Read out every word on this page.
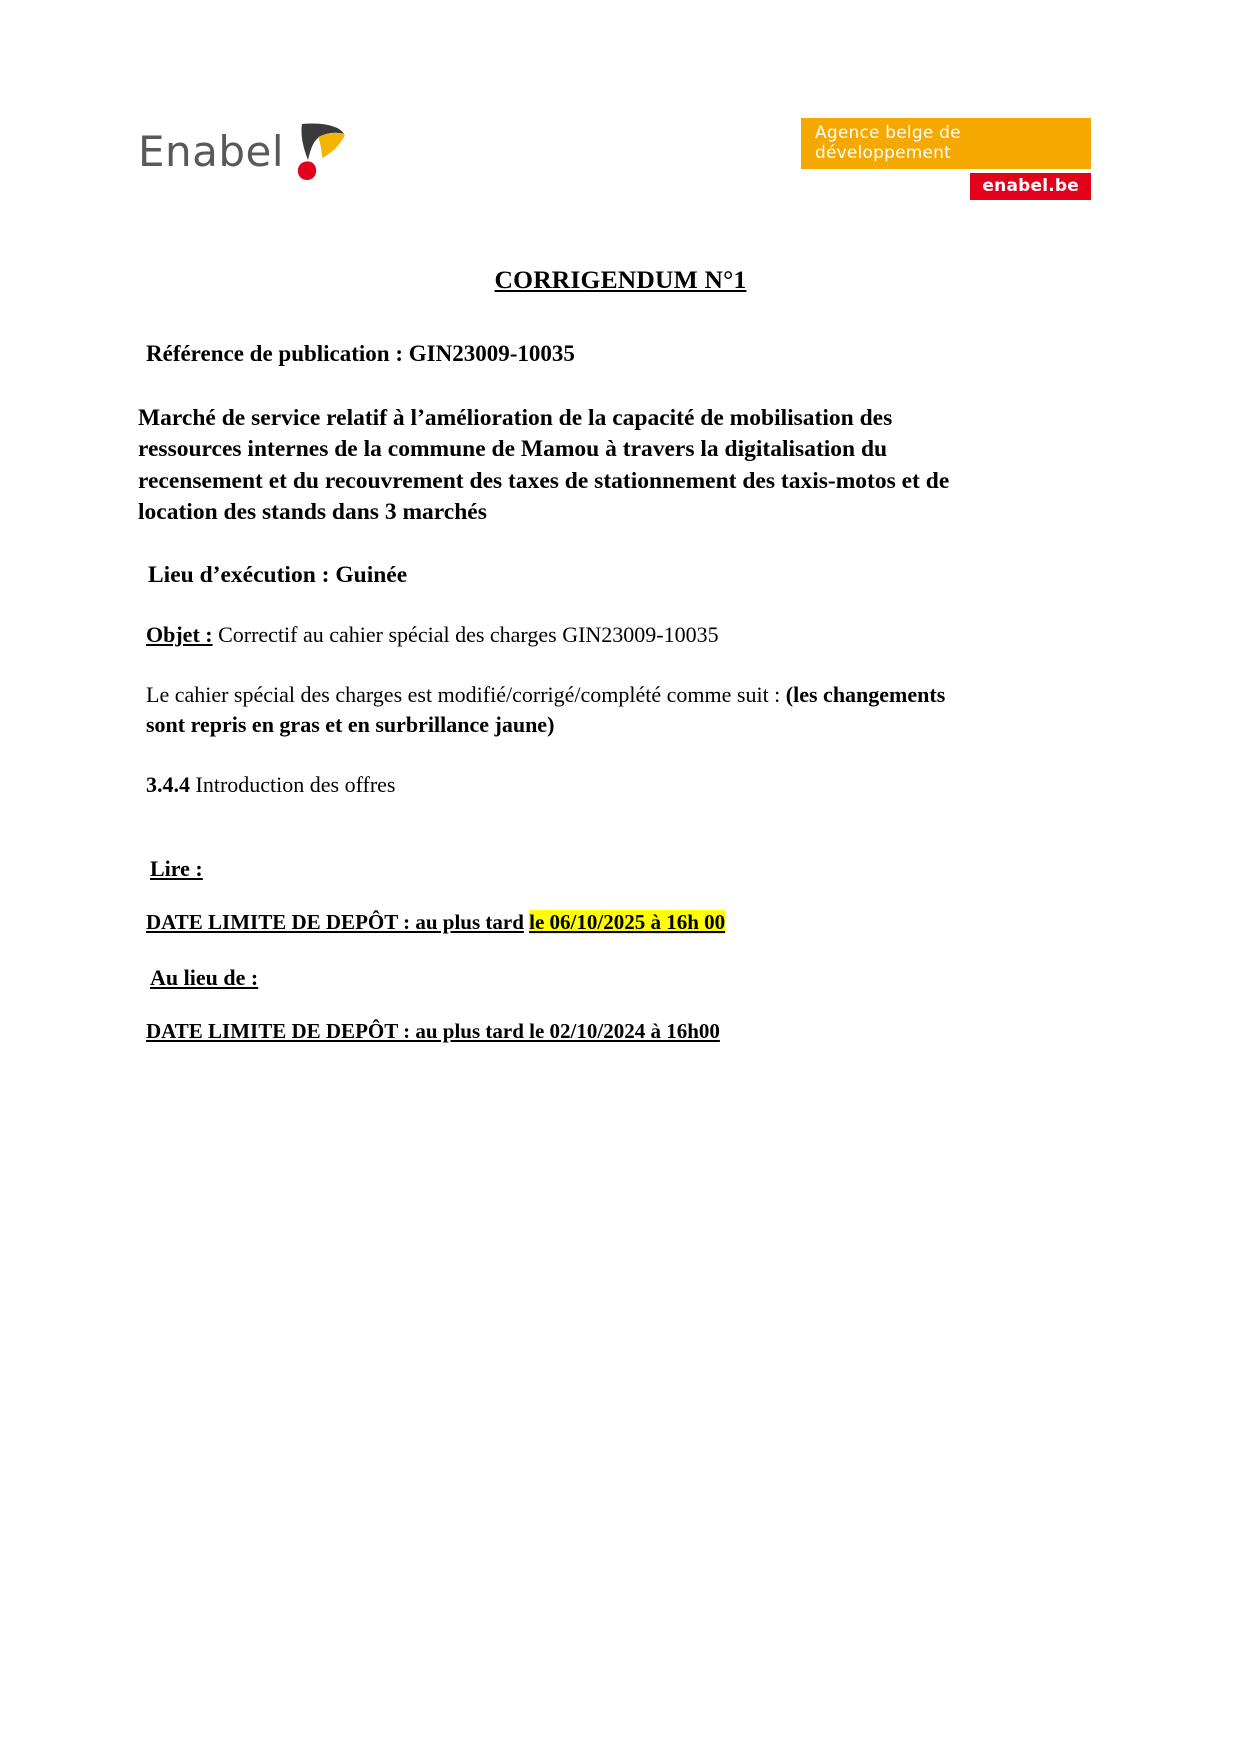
Enabel	Agence belge de développement
enabel.be
CORRIGENDUM N°1
Référence de publication : GIN23009-10035
Marché de service relatif à l’amélioration de la capacité de mobilisation des ressources internes de la commune de Mamou à travers la digitalisation du recensement et du recouvrement des taxes de stationnement des taxis-motos et de location des stands dans 3 marchés
Lieu d’exécution : Guinée
Objet : Correctif au cahier spécial des charges GIN23009-10035
Le cahier spécial des charges est modifié/corrigé/complété comme suit : (les changements sont repris en gras et en surbrillance jaune)
3.4.4 Introduction des offres
Lire :
DATE LIMITE DE DEPÔT : au plus tard le 06/10/2025 à 16h 00
Au lieu de :
DATE LIMITE DE DEPÔT : au plus tard le 02/10/2024 à 16h00
